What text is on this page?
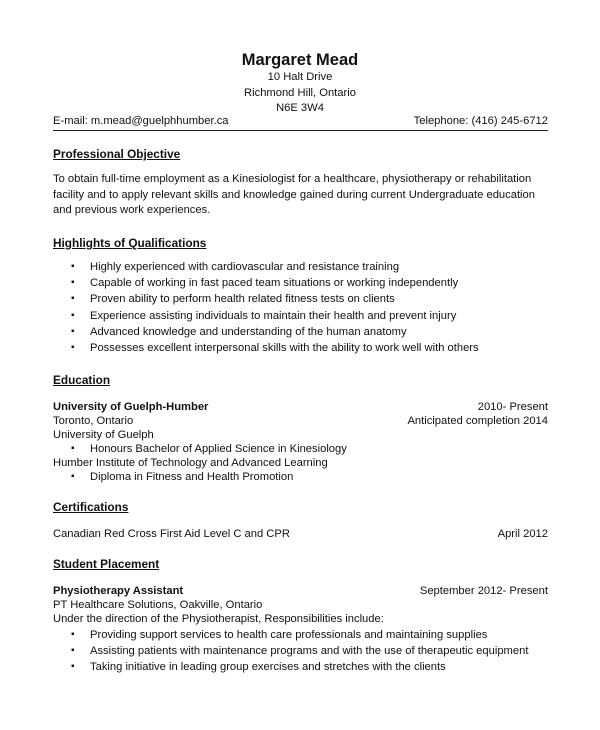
Margaret Mead
10 Halt Drive
Richmond Hill, Ontario
N6E 3W4
E-mail: m.mead@guelphhumber.ca	Telephone: (416) 245-6712
Professional Objective
To obtain full-time employment as a Kinesiologist for a healthcare, physiotherapy or rehabilitation facility and to apply relevant skills and knowledge gained during current Undergraduate education and previous work experiences.
Highlights of Qualifications
▪ Highly experienced with cardiovascular and resistance training
▪ Capable of working in fast paced team situations or working independently
▪ Proven ability to perform health related fitness tests on clients
▪ Experience assisting individuals to maintain their health and prevent injury
▪ Advanced knowledge and understanding of the human anatomy
▪ Possesses excellent interpersonal skills with the ability to work well with others
Education
University of Guelph-Humber	2010- Present
Toronto, Ontario	Anticipated completion 2014
University of Guelph
▪ Honours Bachelor of Applied Science in Kinesiology
Humber Institute of Technology and Advanced Learning
▪ Diploma in Fitness and Health Promotion
Certifications
Canadian Red Cross First Aid Level C and CPR	April 2012
Student Placement
Physiotherapy Assistant	September 2012- Present
PT Healthcare Solutions, Oakville, Ontario
Under the direction of the Physiotherapist, Responsibilities include:
▪ Providing support services to health care professionals and maintaining supplies
▪ Assisting patients with maintenance programs and with the use of therapeutic equipment
▪ Taking initiative in leading group exercises and stretches with the clients
